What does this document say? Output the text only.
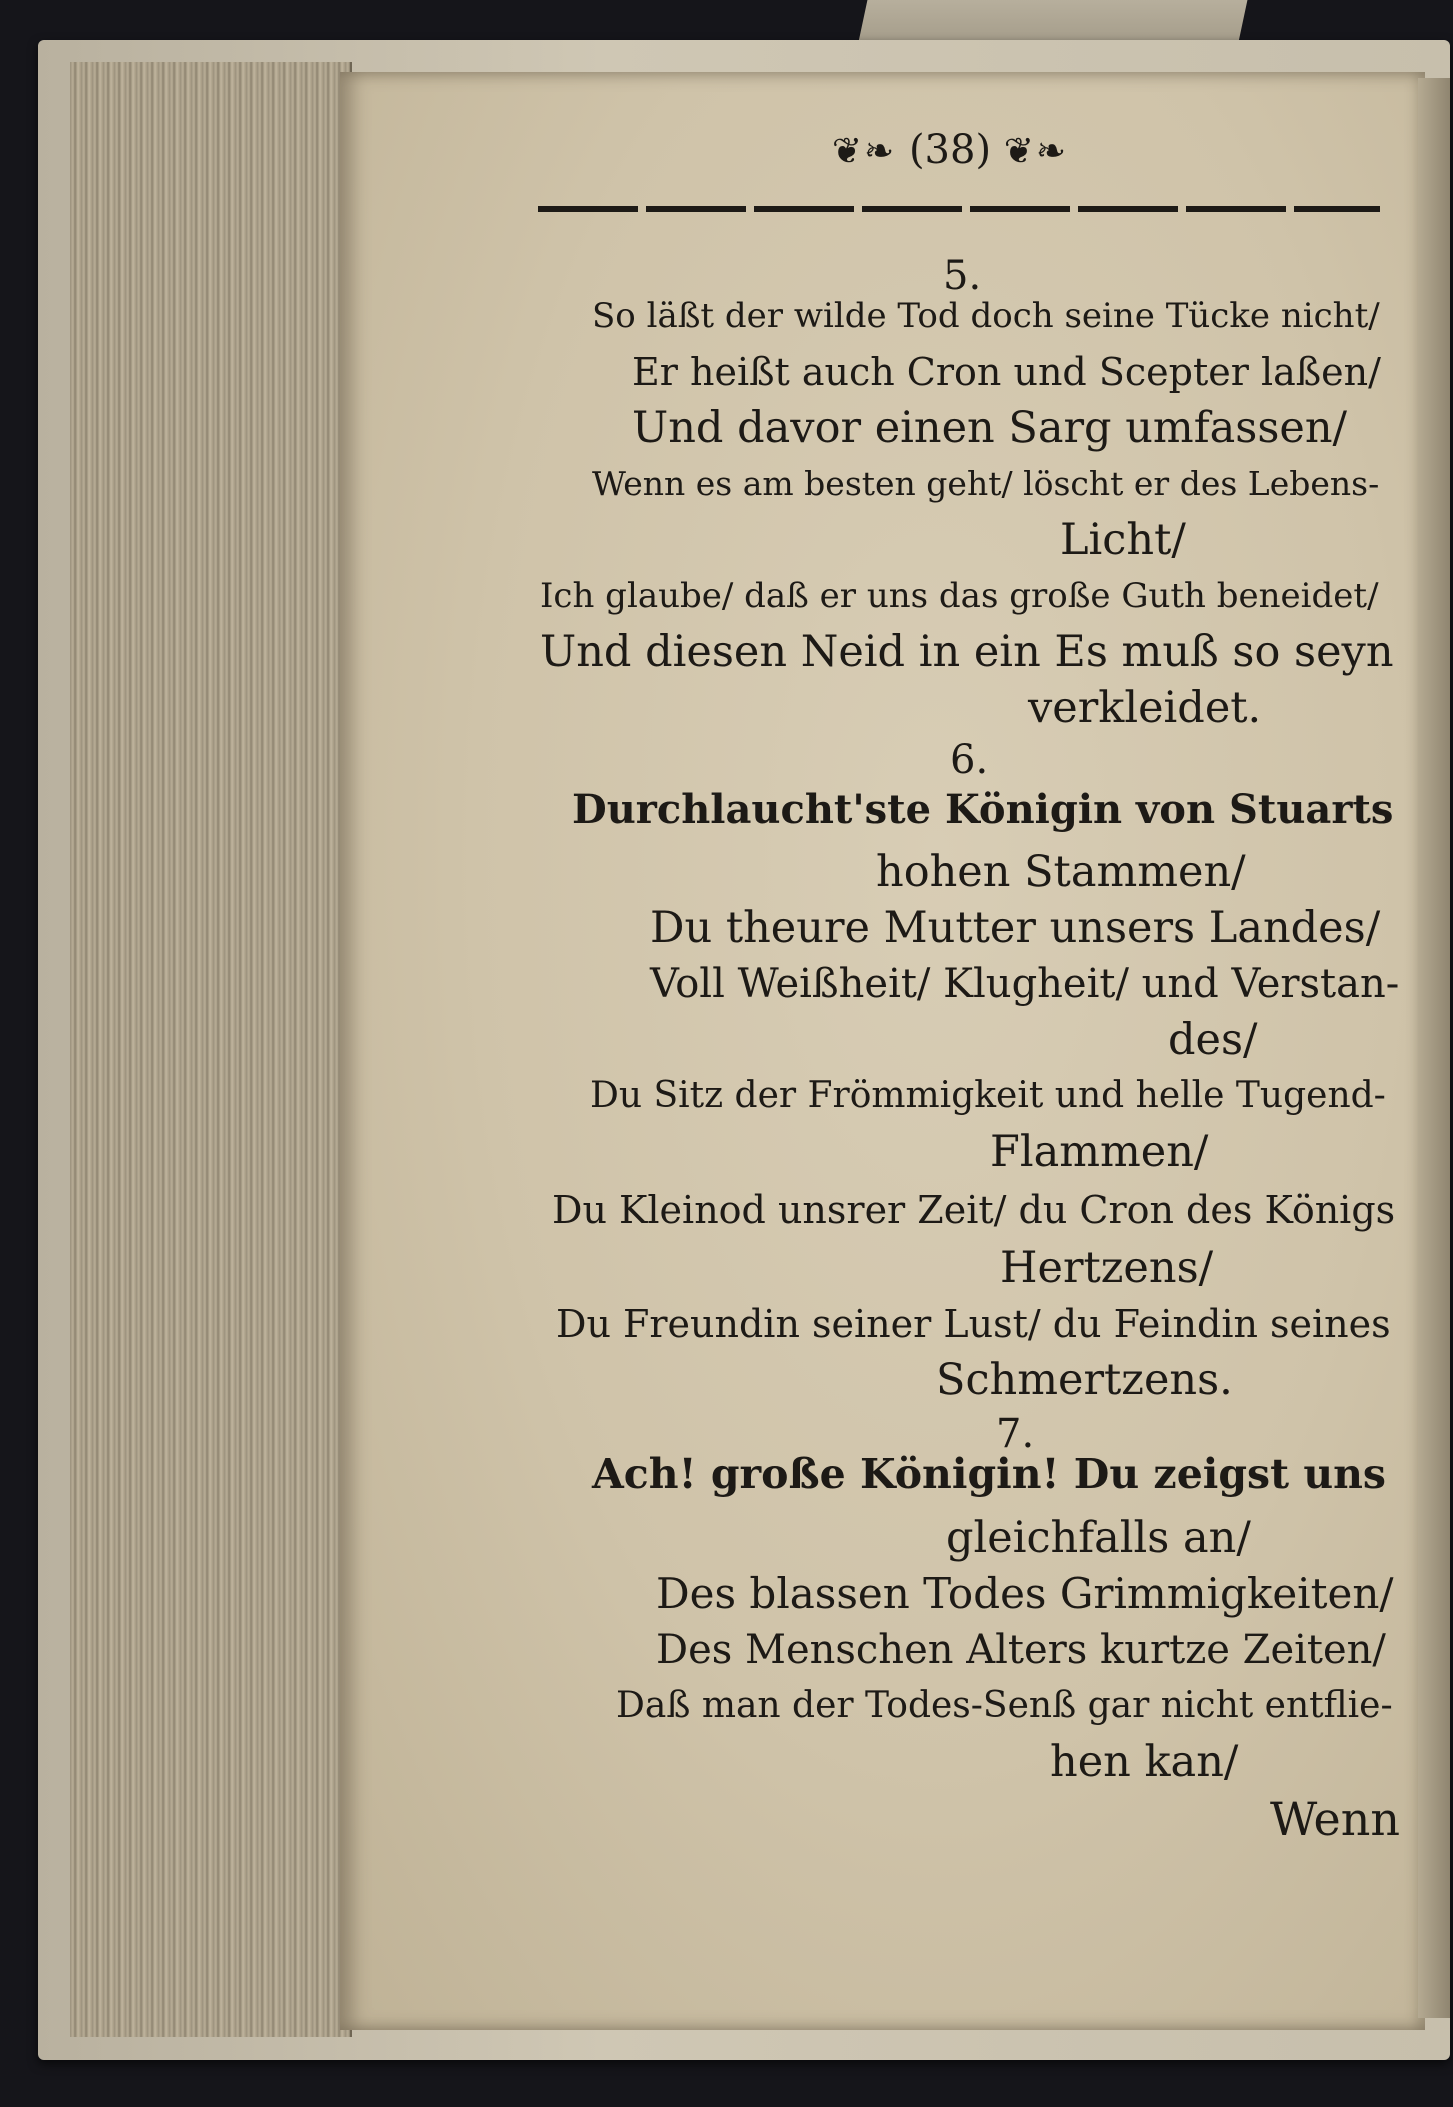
❦❧ (38) ❦❧
5.
So läßt der wilde Tod doch seine Tücke nicht/
Er heißt auch Cron und Scepter laßen/
Und davor einen Sarg umfassen/
Wenn es am besten geht/ löscht er des Lebens-
Licht/
Ich glaube/ daß er uns das große Guth beneidet/
Und diesen Neid in ein Es muß so seyn
verkleidet.
6.
Durchlaucht'ste Königin von Stuarts
hohen Stammen/
Du theure Mutter unsers Landes/
Voll Weißheit/ Klugheit/ und Verstan-
des/
Du Sitz der Frömmigkeit und helle Tugend-
Flammen/
Du Kleinod unsrer Zeit/ du Cron des Königs
Hertzens/
Du Freundin seiner Lust/ du Feindin seines
Schmertzens.
7.
Ach! große Königin! Du zeigst uns
gleichfalls an/
Des blassen Todes Grimmigkeiten/
Des Menschen Alters kurtze Zeiten/
Daß man der Todes-Senß gar nicht entflie-
hen kan/
Wenn
